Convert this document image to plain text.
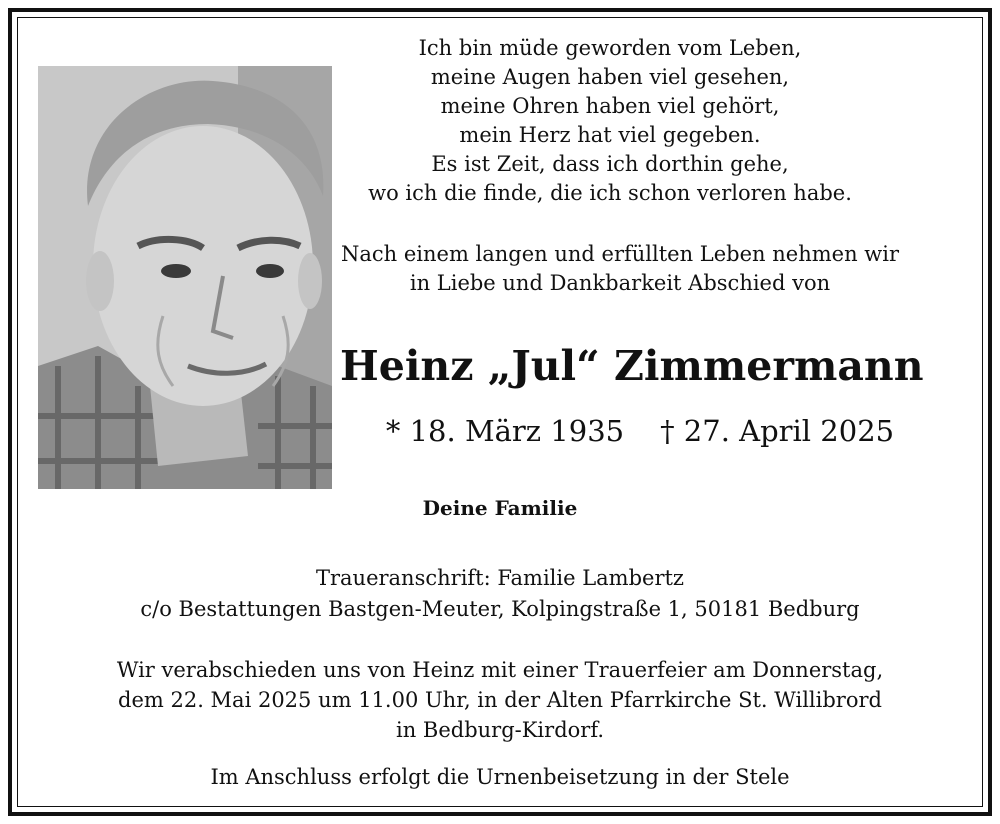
Ich bin müde geworden vom Leben,
meine Augen haben viel gesehen,
meine Ohren haben viel gehört,
mein Herz hat viel gegeben.
Es ist Zeit, dass ich dorthin gehe,
wo ich die finde, die ich schon verloren habe.
Nach einem langen und erfüllten Leben nehmen wir
in Liebe und Dankbarkeit Abschied von
Heinz „Jul“ Zimmermann
* 18. März 1935 † 27. April 2025
Deine Familie
Traueranschrift: Familie Lambertz
c/o Bestattungen Bastgen-Meuter, Kolpingstraße 1, 50181 Bedburg
Wir verabschieden uns von Heinz mit einer Trauerfeier am Donnerstag,
dem 22. Mai 2025 um 11.00 Uhr, in der Alten Pfarrkirche St. Willibrord
in Bedburg-Kirdorf.
Im Anschluss erfolgt die Urnenbeisetzung in der Stele
